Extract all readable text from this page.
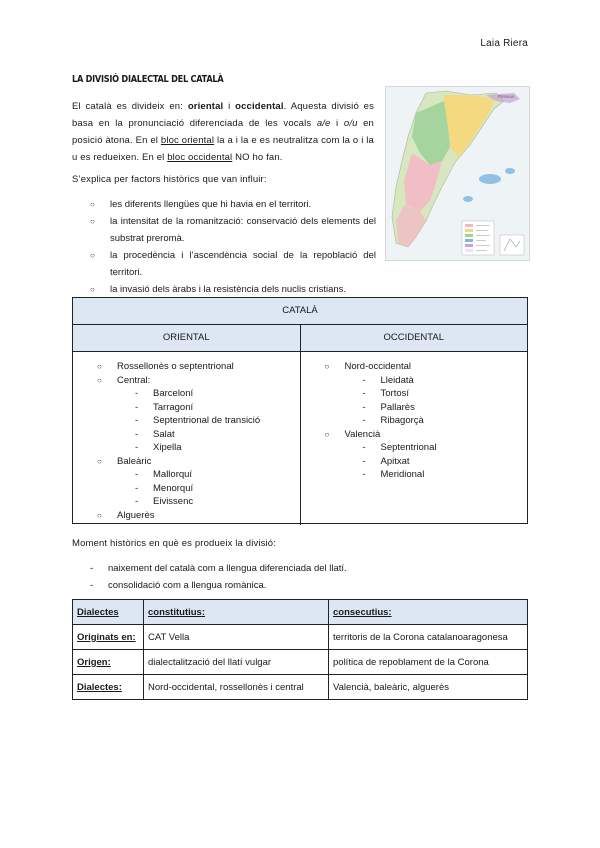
Laia Riera
LA DIVISIÓ DIALECTAL DEL CATALÀ
El català es divideix en: oriental i occidental. Aquesta divisió es basa en la pronunciació diferenciada de les vocals a/e i o/u en posició àtona. En el bloc oriental la a i la e es neutralitza com la o i la u es redueixen. En el bloc occidental NO ho fan.
Pirineus
S’explica per factors històrics que van influir:
○ les diferents llengües que hi havia en el territori.
○ la intensitat de la romanització: conservació dels elements del substrat preromà.
○ la procedència i l’ascendència social de la repoblació del territori.
○ la invasió dels àrabs i la resistència dels nuclis cristians.
CATALÀ
ORIENTAL	OCCIDENTAL
○ Rossellonès o septentrional
○ Central:
- Barceloní
- Tarragoní
- Septentrional de transició
- Salat
- Xipella
○ Baleàric
- Mallorquí
- Menorquí
- Eivissenc
○ Alguerès
○ Nord-occidental
- Lleidatà
- Tortosí
- Pallarès
- Ribagorçà
○ Valencià
- Septentrional
- Apitxat
- Meridional
Moment històrics en què es produeix la divisió:
- naixement del català com a llengua diferenciada del llatí.
- consolidació com a llengua romànica.
Dialectes	constitutius:	consecutius:
Originats en:	CAT Vella	territoris de la Corona catalanoaragonesa
Origen:	dialectalització del llatí vulgar	política de repoblament de la Corona
Dialectes:	Nord-occidental, rossellonès i central	Valencià, baleàric, alguerès
